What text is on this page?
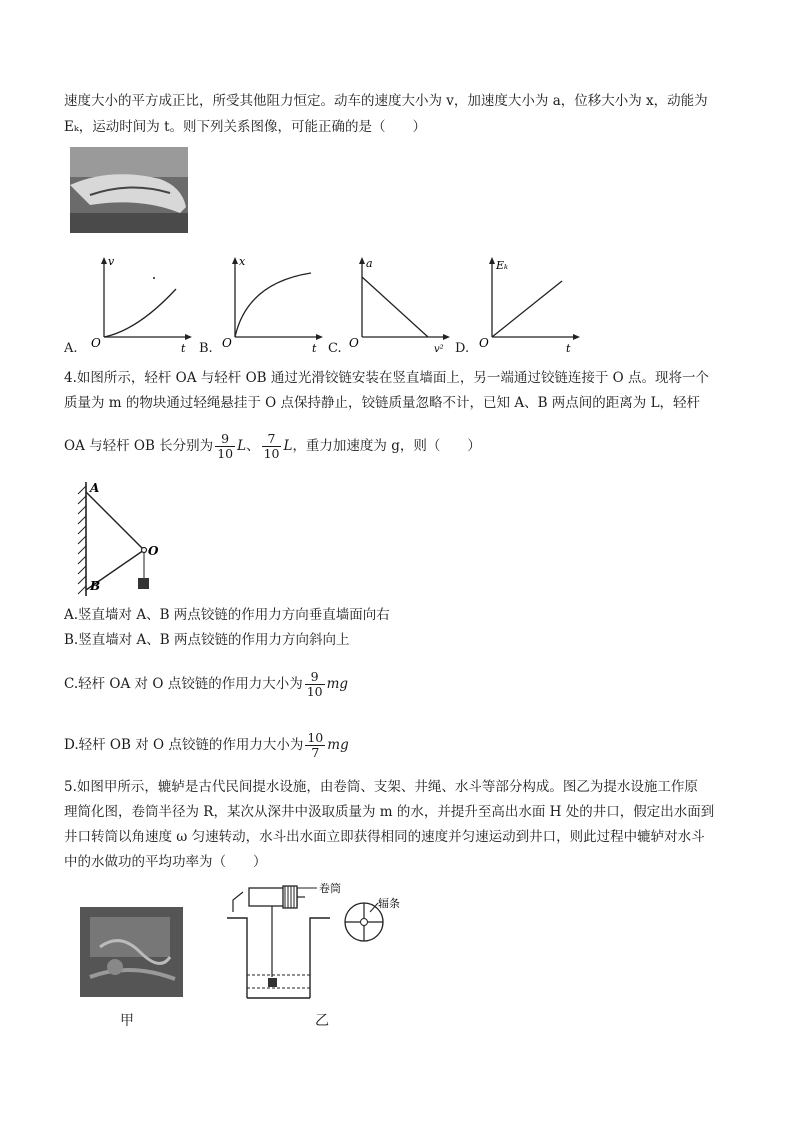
速度大小的平方成正比，所受其他阻力恒定。动车的速度大小为 v，加速度大小为 a，位移大小为 x，动能为
Eₖ，运动时间为 t。则下列关系图像，可能正确的是（　　）
A.
v
t
O	B.
x
t
O	C.
a
v²
O	D.
Eₖ
t
O
4.如图所示，轻杆 OA 与轻杆 OB 通过光滑铰链安装在竖直墙面上，另一端通过铰链连接于 O 点。现将一个
质量为 m 的物块通过轻绳悬挂于 O 点保持静止，铰链质量忽略不计，已知 A、B 两点间的距离为 L，轻杆
OA 与轻杆 OB 长分别为 $\frac{9}{10}$ L、 $\frac{7}{10}$ L，重力加速度为 g，则（　　）
A
B
O
A.竖直墙对 A、B 两点铰链的作用力方向垂直墙面向右
B.竖直墙对 A、B 两点铰链的作用力方向斜向上
C.轻杆 OA 对 O 点铰链的作用力大小为 $\frac{9}{10}$ mg
D.轻杆 OB 对 O 点铰链的作用力大小为 $\frac{10}{7}$ mg
5.如图甲所示，辘轳是古代民间提水设施，由卷筒、支架、井绳、水斗等部分构成。图乙为提水设施工作原
理简化图，卷筒半径为 R，某次从深井中汲取质量为 m 的水，并提升至高出水面 H 处的井口，假定出水面到
井口转筒以角速度 ω 匀速转动，水斗出水面立即获得相同的速度并匀速运动到井口，则此过程中辘轳对水斗
中的水做功的平均功率为（　　）
甲
卷筒
辐条
乙
